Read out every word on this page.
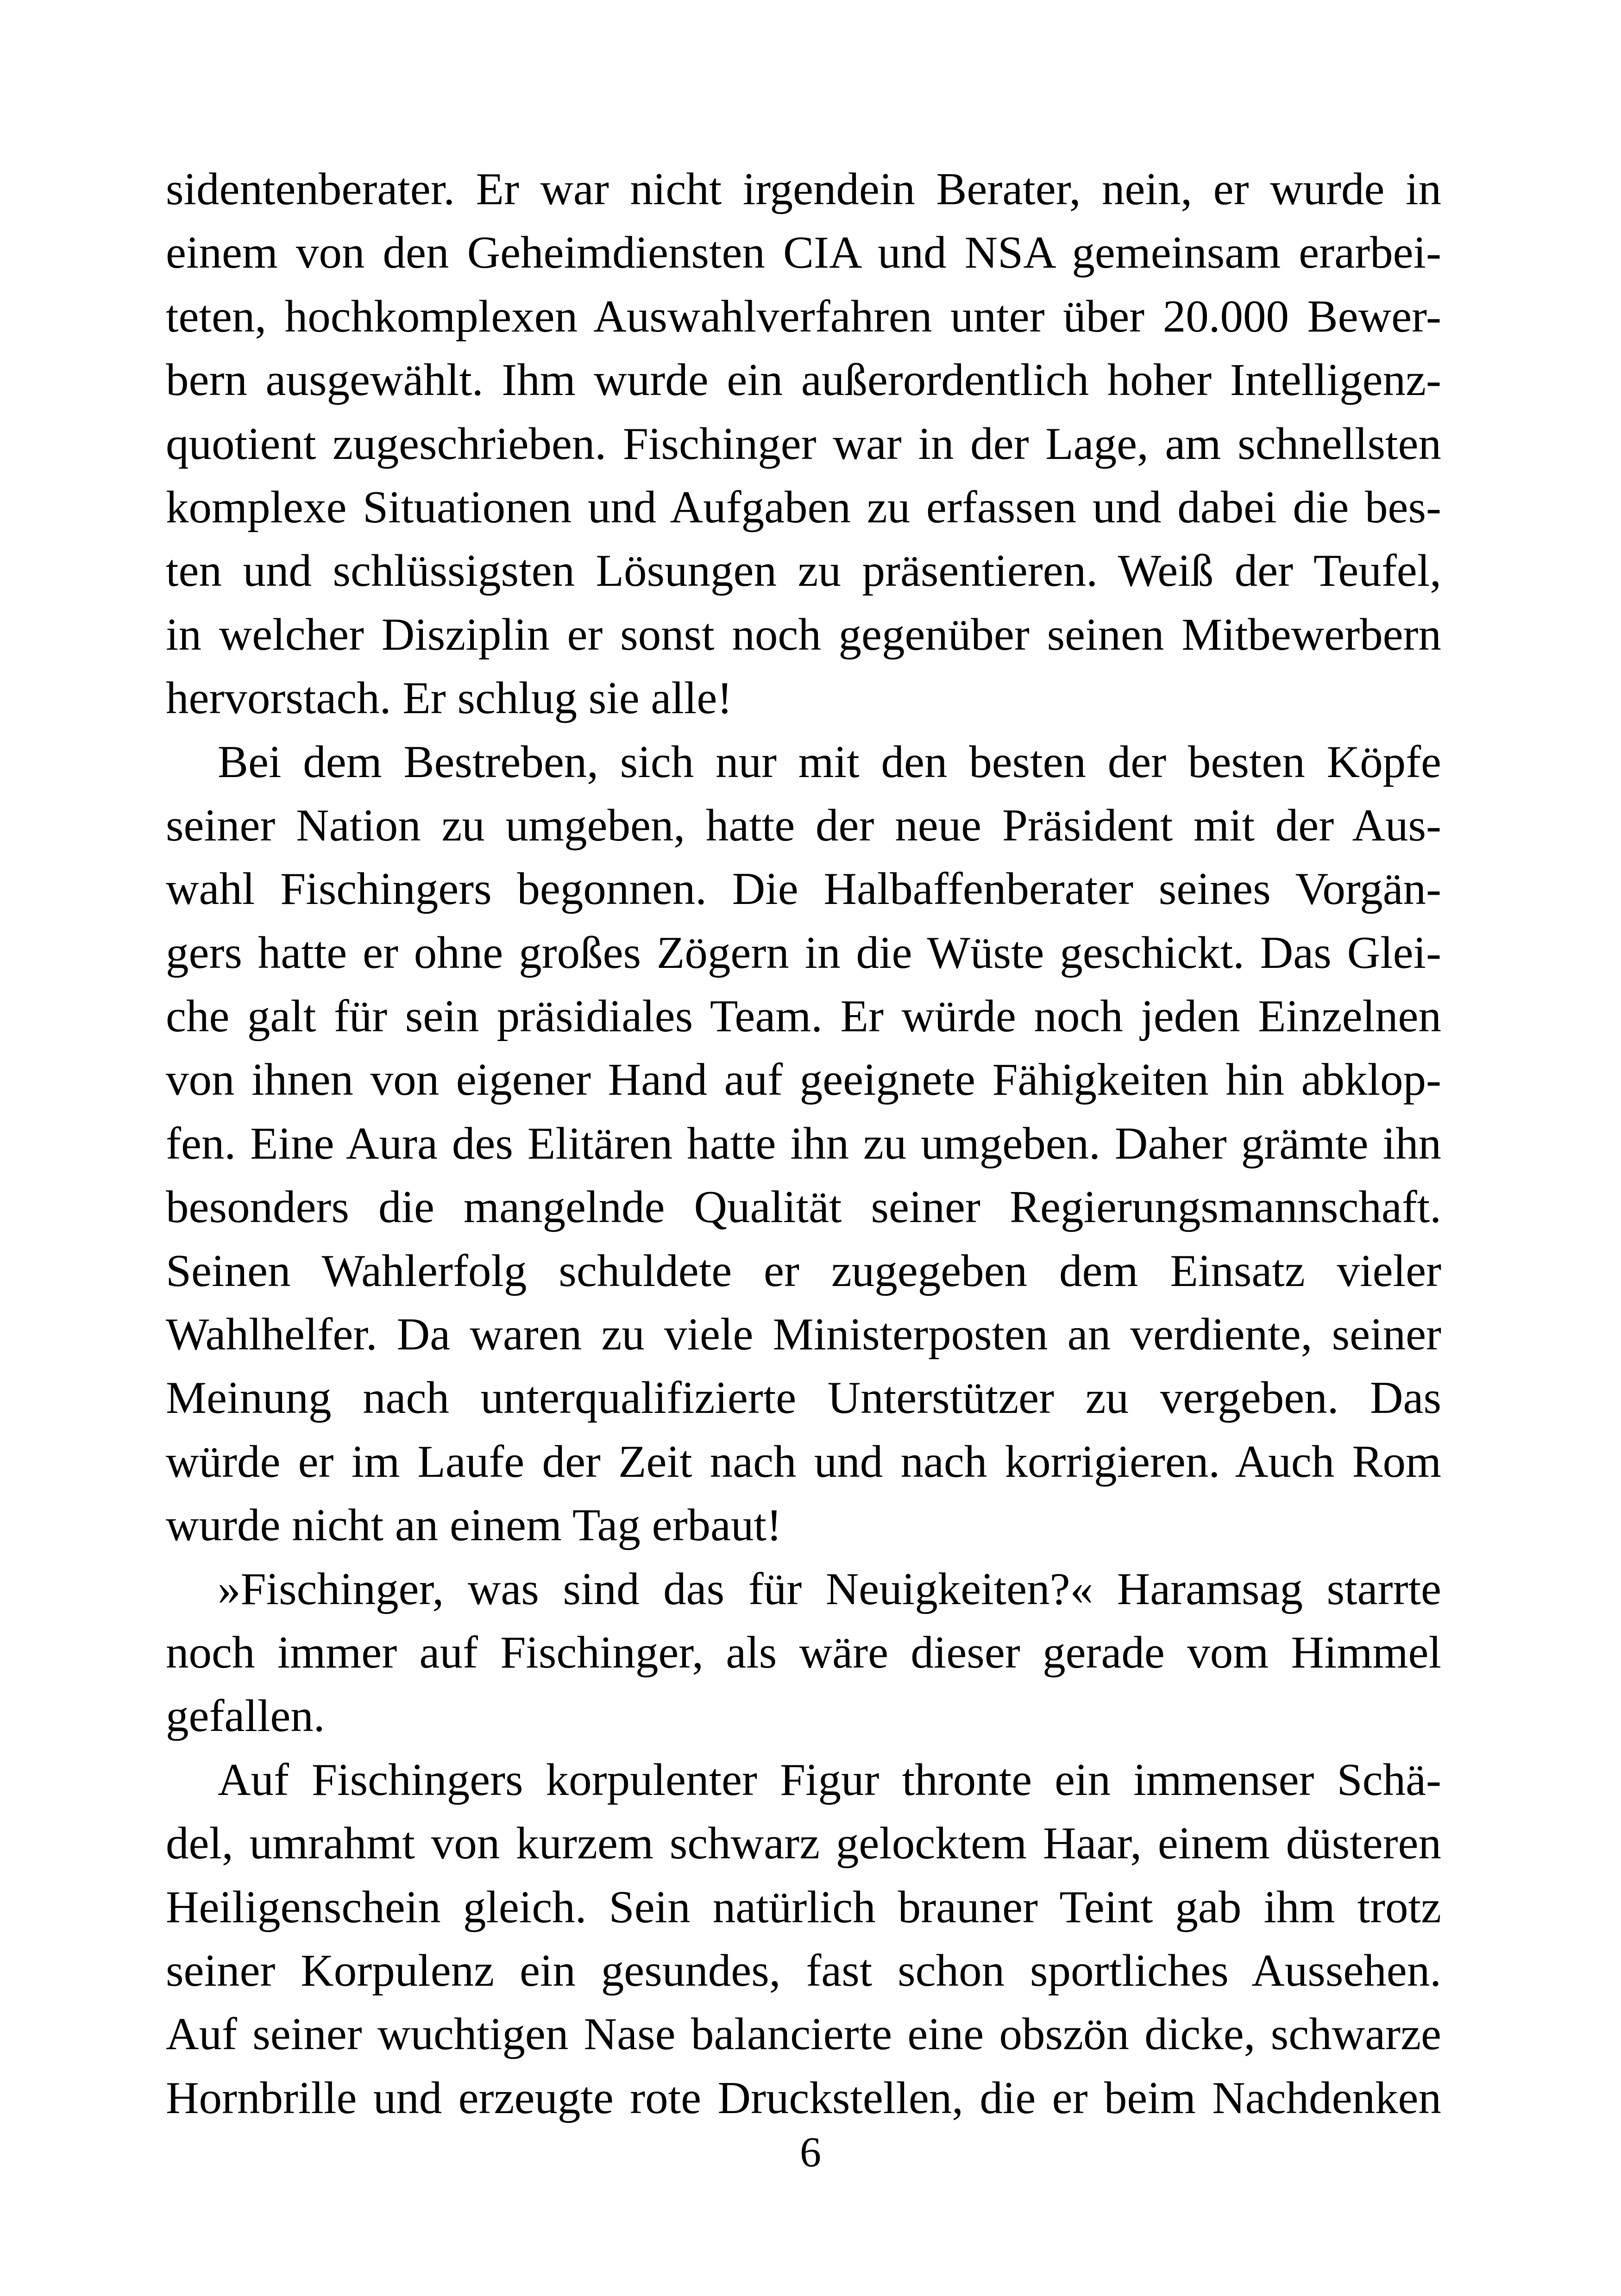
sidentenberater. Er war nicht irgendein Berater, nein, er wurde in
einem von den Geheimdiensten CIA und NSA gemeinsam erarbei-
teten, hochkomplexen Auswahlverfahren unter über 20.000 Bewer-
bern ausgewählt. Ihm wurde ein außerordentlich hoher Intelligenz-
quotient zugeschrieben. Fischinger war in der Lage, am schnellsten
komplexe Situationen und Aufgaben zu erfassen und dabei die bes-
ten und schlüssigsten Lösungen zu präsentieren. Weiß der Teufel,
in welcher Disziplin er sonst noch gegenüber seinen Mitbewerbern
hervorstach. Er schlug sie alle!
Bei dem Bestreben, sich nur mit den besten der besten Köpfe
seiner Nation zu umgeben, hatte der neue Präsident mit der Aus-
wahl Fischingers begonnen. Die Halbaffenberater seines Vorgän-
gers hatte er ohne großes Zögern in die Wüste geschickt. Das Glei-
che galt für sein präsidiales Team. Er würde noch jeden Einzelnen
von ihnen von eigener Hand auf geeignete Fähigkeiten hin abklop-
fen. Eine Aura des Elitären hatte ihn zu umgeben. Daher grämte ihn
besonders die mangelnde Qualität seiner Regierungsmannschaft.
Seinen Wahlerfolg schuldete er zugegeben dem Einsatz vieler
Wahlhelfer. Da waren zu viele Ministerposten an verdiente, seiner
Meinung nach unterqualifizierte Unterstützer zu vergeben. Das
würde er im Laufe der Zeit nach und nach korrigieren. Auch Rom
wurde nicht an einem Tag erbaut!
»Fischinger, was sind das für Neuigkeiten?« Haramsag starrte
noch immer auf Fischinger, als wäre dieser gerade vom Himmel
gefallen.
Auf Fischingers korpulenter Figur thronte ein immenser Schä-
del, umrahmt von kurzem schwarz gelocktem Haar, einem düsteren
Heiligenschein gleich. Sein natürlich brauner Teint gab ihm trotz
seiner Korpulenz ein gesundes, fast schon sportliches Aussehen.
Auf seiner wuchtigen Nase balancierte eine obszön dicke, schwarze
Hornbrille und erzeugte rote Druckstellen, die er beim Nachdenken
6
